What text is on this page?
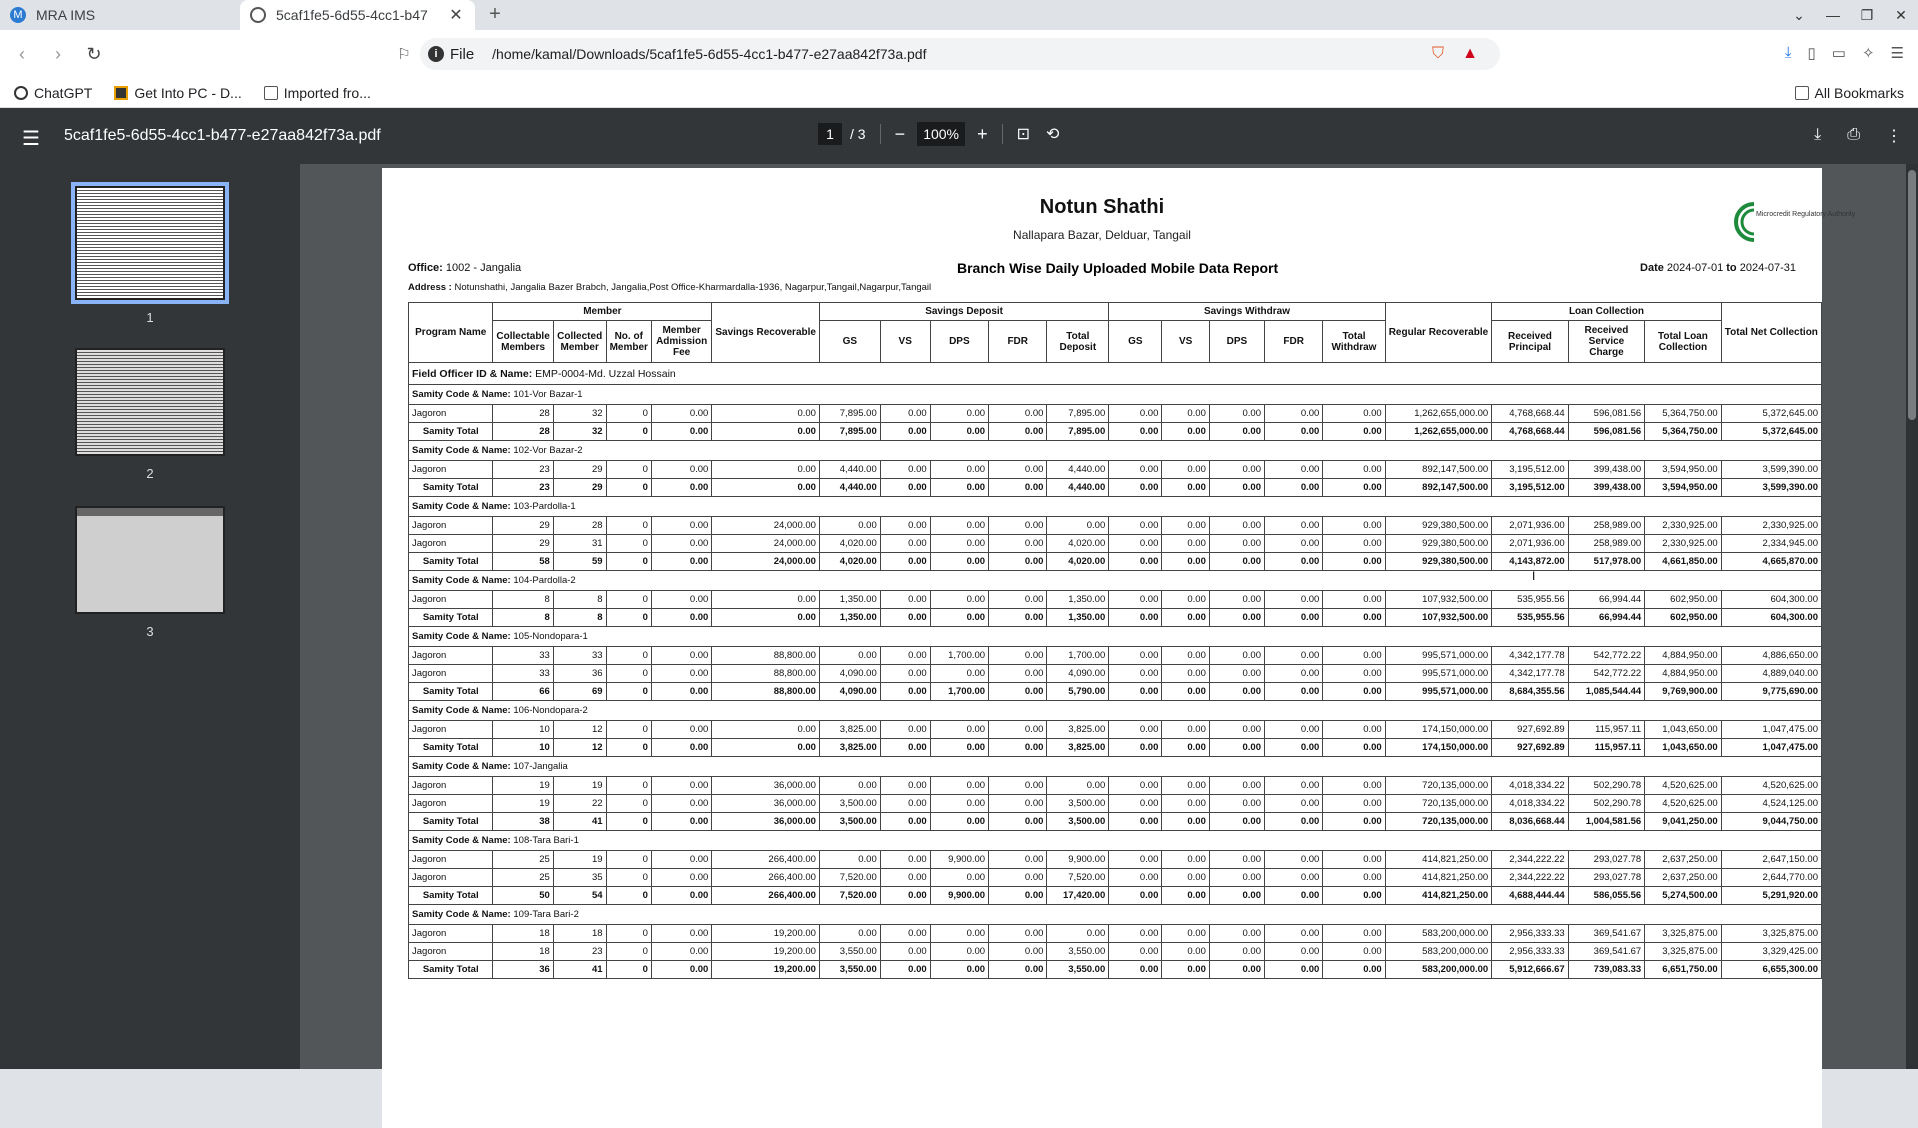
M MRA IMS	5caf1fe5-6d55-4cc1-b47	✕	+	⌄	—	❐	✕
‹	›	↻	⚐	i File /home/kamal/Downloads/5caf1fe5-6d55-4cc1-b477-e27aa842f73a.pdf	⛉ ▲	⤓ ▯ ▭ ✧ ☰
ChatGPT	Get Into PC - D...	Imported fro...	All Bookmarks
☰ 5caf1fe5-6d55-4cc1-b477-e27aa842f73a.pdf	1	/ 3 −	100%	+ ⊡ ⟲	⤓ ⎙ ⋮
1
2
3
Notun Shathi
Nallapara Bazar, Delduar, Tangail
Microcredit Regulatory Authority
Office: 1002 - Jangalia	Branch Wise Daily Uploaded Mobile Data Report	Date 2024-07-01 to 2024-07-31
Address : Notunshathi, Jangalia Bazer Brabch, Jangalia,Post Office-Kharmardalla-1936, Nagarpur,Tangail,Nagarpur,Tangail
Program Name	Member				Savings Recoverable	Savings Deposit					Savings Withdraw					Regular Recoverable	Loan Collection			Total Net Collection
	Collectable Members	Collected Member	No. of Member	Member Admission Fee		GS	VS	DPS	FDR	Total Deposit	GS	VS	DPS	FDR	Total Withdraw		Received Principal	Received Service Charge	Total Loan Collection	
Field Officer ID & Name: EMP-0004-Md. Uzzal Hossain																				
Samity Code & Name: 101-Vor Bazar-1																				
Jagoron	28	32	0	0.00	0.00	7,895.00	0.00	0.00	0.00	7,895.00	0.00	0.00	0.00	0.00	0.00	1,262,655,000.00	4,768,668.44	596,081.56	5,364,750.00	5,372,645.00
Samity Total	28	32	0	0.00	0.00	7,895.00	0.00	0.00	0.00	7,895.00	0.00	0.00	0.00	0.00	0.00	1,262,655,000.00	4,768,668.44	596,081.56	5,364,750.00	5,372,645.00
Samity Code & Name: 102-Vor Bazar-2																				
Jagoron	23	29	0	0.00	0.00	4,440.00	0.00	0.00	0.00	4,440.00	0.00	0.00	0.00	0.00	0.00	892,147,500.00	3,195,512.00	399,438.00	3,594,950.00	3,599,390.00
Samity Total	23	29	0	0.00	0.00	4,440.00	0.00	0.00	0.00	4,440.00	0.00	0.00	0.00	0.00	0.00	892,147,500.00	3,195,512.00	399,438.00	3,594,950.00	3,599,390.00
Samity Code & Name: 103-Pardolla-1																				
Jagoron	29	28	0	0.00	24,000.00	0.00	0.00	0.00	0.00	0.00	0.00	0.00	0.00	0.00	0.00	929,380,500.00	2,071,936.00	258,989.00	2,330,925.00	2,330,925.00
Jagoron	29	31	0	0.00	24,000.00	4,020.00	0.00	0.00	0.00	4,020.00	0.00	0.00	0.00	0.00	0.00	929,380,500.00	2,071,936.00	258,989.00	2,330,925.00	2,334,945.00
Samity Total	58	59	0	0.00	24,000.00	4,020.00	0.00	0.00	0.00	4,020.00	0.00	0.00	0.00	0.00	0.00	929,380,500.00	4,143,872.00	517,978.00	4,661,850.00	4,665,870.00
Samity Code & Name: 104-Pardolla-2																				
Jagoron	8	8	0	0.00	0.00	1,350.00	0.00	0.00	0.00	1,350.00	0.00	0.00	0.00	0.00	0.00	107,932,500.00	535,955.56	66,994.44	602,950.00	604,300.00
Samity Total	8	8	0	0.00	0.00	1,350.00	0.00	0.00	0.00	1,350.00	0.00	0.00	0.00	0.00	0.00	107,932,500.00	535,955.56	66,994.44	602,950.00	604,300.00
Samity Code & Name: 105-Nondopara-1																				
Jagoron	33	33	0	0.00	88,800.00	0.00	0.00	1,700.00	0.00	1,700.00	0.00	0.00	0.00	0.00	0.00	995,571,000.00	4,342,177.78	542,772.22	4,884,950.00	4,886,650.00
Jagoron	33	36	0	0.00	88,800.00	4,090.00	0.00	0.00	0.00	4,090.00	0.00	0.00	0.00	0.00	0.00	995,571,000.00	4,342,177.78	542,772.22	4,884,950.00	4,889,040.00
Samity Total	66	69	0	0.00	88,800.00	4,090.00	0.00	1,700.00	0.00	5,790.00	0.00	0.00	0.00	0.00	0.00	995,571,000.00	8,684,355.56	1,085,544.44	9,769,900.00	9,775,690.00
Samity Code & Name: 106-Nondopara-2																				
Jagoron	10	12	0	0.00	0.00	3,825.00	0.00	0.00	0.00	3,825.00	0.00	0.00	0.00	0.00	0.00	174,150,000.00	927,692.89	115,957.11	1,043,650.00	1,047,475.00
Samity Total	10	12	0	0.00	0.00	3,825.00	0.00	0.00	0.00	3,825.00	0.00	0.00	0.00	0.00	0.00	174,150,000.00	927,692.89	115,957.11	1,043,650.00	1,047,475.00
Samity Code & Name: 107-Jangalia																				
Jagoron	19	19	0	0.00	36,000.00	0.00	0.00	0.00	0.00	0.00	0.00	0.00	0.00	0.00	0.00	720,135,000.00	4,018,334.22	502,290.78	4,520,625.00	4,520,625.00
Jagoron	19	22	0	0.00	36,000.00	3,500.00	0.00	0.00	0.00	3,500.00	0.00	0.00	0.00	0.00	0.00	720,135,000.00	4,018,334.22	502,290.78	4,520,625.00	4,524,125.00
Samity Total	38	41	0	0.00	36,000.00	3,500.00	0.00	0.00	0.00	3,500.00	0.00	0.00	0.00	0.00	0.00	720,135,000.00	8,036,668.44	1,004,581.56	9,041,250.00	9,044,750.00
Samity Code & Name: 108-Tara Bari-1																				
Jagoron	25	19	0	0.00	266,400.00	0.00	0.00	9,900.00	0.00	9,900.00	0.00	0.00	0.00	0.00	0.00	414,821,250.00	2,344,222.22	293,027.78	2,637,250.00	2,647,150.00
Jagoron	25	35	0	0.00	266,400.00	7,520.00	0.00	0.00	0.00	7,520.00	0.00	0.00	0.00	0.00	0.00	414,821,250.00	2,344,222.22	293,027.78	2,637,250.00	2,644,770.00
Samity Total	50	54	0	0.00	266,400.00	7,520.00	0.00	9,900.00	0.00	17,420.00	0.00	0.00	0.00	0.00	0.00	414,821,250.00	4,688,444.44	586,055.56	5,274,500.00	5,291,920.00
Samity Code & Name: 109-Tara Bari-2																				
Jagoron	18	18	0	0.00	19,200.00	0.00	0.00	0.00	0.00	0.00	0.00	0.00	0.00	0.00	0.00	583,200,000.00	2,956,333.33	369,541.67	3,325,875.00	3,325,875.00
Jagoron	18	23	0	0.00	19,200.00	3,550.00	0.00	0.00	0.00	3,550.00	0.00	0.00	0.00	0.00	0.00	583,200,000.00	2,956,333.33	369,541.67	3,325,875.00	3,329,425.00
Samity Total	36	41	0	0.00	19,200.00	3,550.00	0.00	0.00	0.00	3,550.00	0.00	0.00	0.00	0.00	0.00	583,200,000.00	5,912,666.67	739,083.33	6,651,750.00	6,655,300.00
I
